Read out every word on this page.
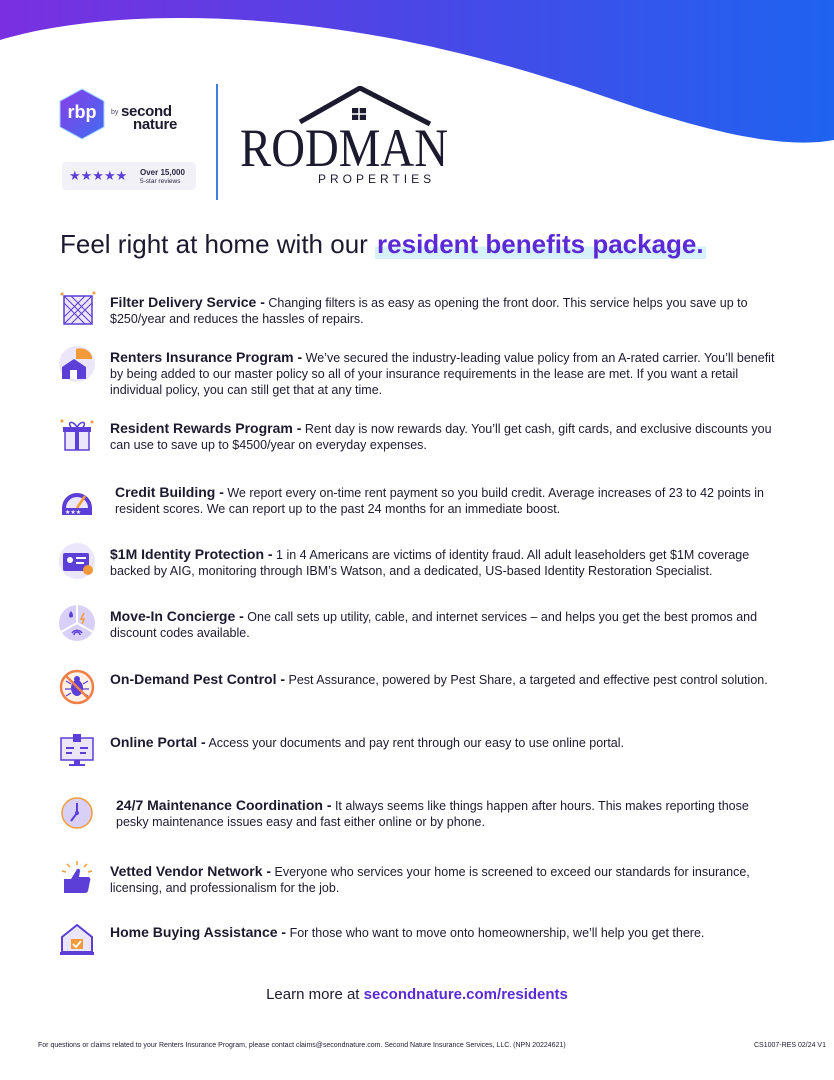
rbp	by second
nature
★★★★★ Over 15,000
5-star reviews
RODMAN
PROPERTIES
Feel right at home with our resident benefits package.
Filter Delivery Service - Changing filters is as easy as opening the front door. This service helps you save up to $250/year and reduces the hassles of repairs.
Renters Insurance Program - We’ve secured the industry-leading value policy from an A-rated carrier. You’ll benefit by being added to our master policy so all of your insurance requirements in the lease are met. If you want a retail individual policy, you can still get that at any time.
Resident Rewards Program - Rent day is now rewards day. You’ll get cash, gift cards, and exclusive discounts you can use to save up to $4500/year on everyday expenses.
★★★
Credit Building - We report every on-time rent payment so you build credit. Average increases of 23 to 42 points in resident scores. We can report up to the past 24 months for an immediate boost.
$1M Identity Protection - 1 in 4 Americans are victims of identity fraud. All adult leaseholders get $1M coverage backed by AIG, monitoring through IBM’s Watson, and a dedicated, US-based Identity Restoration Specialist.
Move-In Concierge - One call sets up utility, cable, and internet services – and helps you get the best promos and discount codes available.
On-Demand Pest Control - Pest Assurance, powered by Pest Share, a targeted and effective pest control solution.
Online Portal - Access your documents and pay rent through our easy to use online portal.
24/7 Maintenance Coordination - It always seems like things happen after hours. This makes reporting those pesky maintenance issues easy and fast either online or by phone.
Vetted Vendor Network - Everyone who services your home is screened to exceed our standards for insurance, licensing, and professionalism for the job.
Home Buying Assistance - For those who want to move onto homeownership, we’ll help you get there.
Learn more at secondnature.com/residents
For questions or claims related to your Renters Insurance Program, please contact claims@secondnature.com. Second Nature Insurance Services, LLC. (NPN 20224621)	CS1007-RES 02/24 V1
